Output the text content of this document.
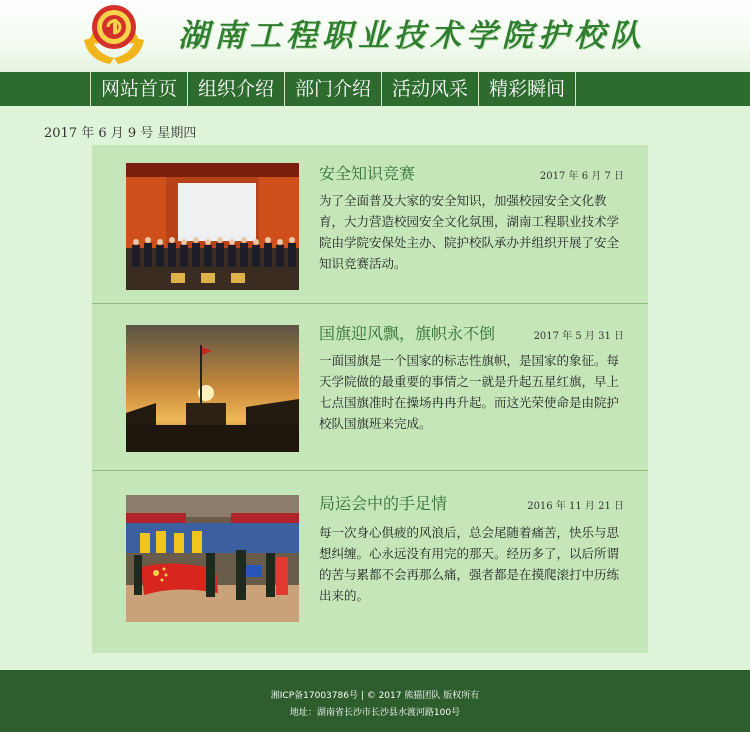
湖南工程职业技术学院护校队
网站首页	组织介绍	部门介绍	活动风采	精彩瞬间
2017 年 6 月 9 号 星期四
安全知识竞赛	2017 年 6 月 7 日
为了全面普及大家的安全知识，加强校园安全文化教育，大力营造校园安全文化氛围，湖南工程职业技术学院由学院安保处主办、院护校队承办并组织开展了安全知识竞赛活动。
国旗迎风飘，旗帜永不倒	2017 年 5 月 31 日
一面国旗是一个国家的标志性旗帜，是国家的象征。每天学院做的最重要的事情之一就是升起五星红旗，早上七点国旗准时在操场冉冉升起。而这光荣使命是由院护校队国旗班来完成。
局运会中的手足情	2016 年 11 月 21 日
每一次身心俱疲的风浪后，总会尾随着痛苦，快乐与思想纠缠。心永远没有用完的那天。经历多了，以后所谓的苦与累都不会再那么痛，强者都是在摸爬滚打中历练出来的。
湘ICP备17003786号 | © 2017 熊猫团队 版权所有
地址：湖南省长沙市长沙县水渡河路100号
